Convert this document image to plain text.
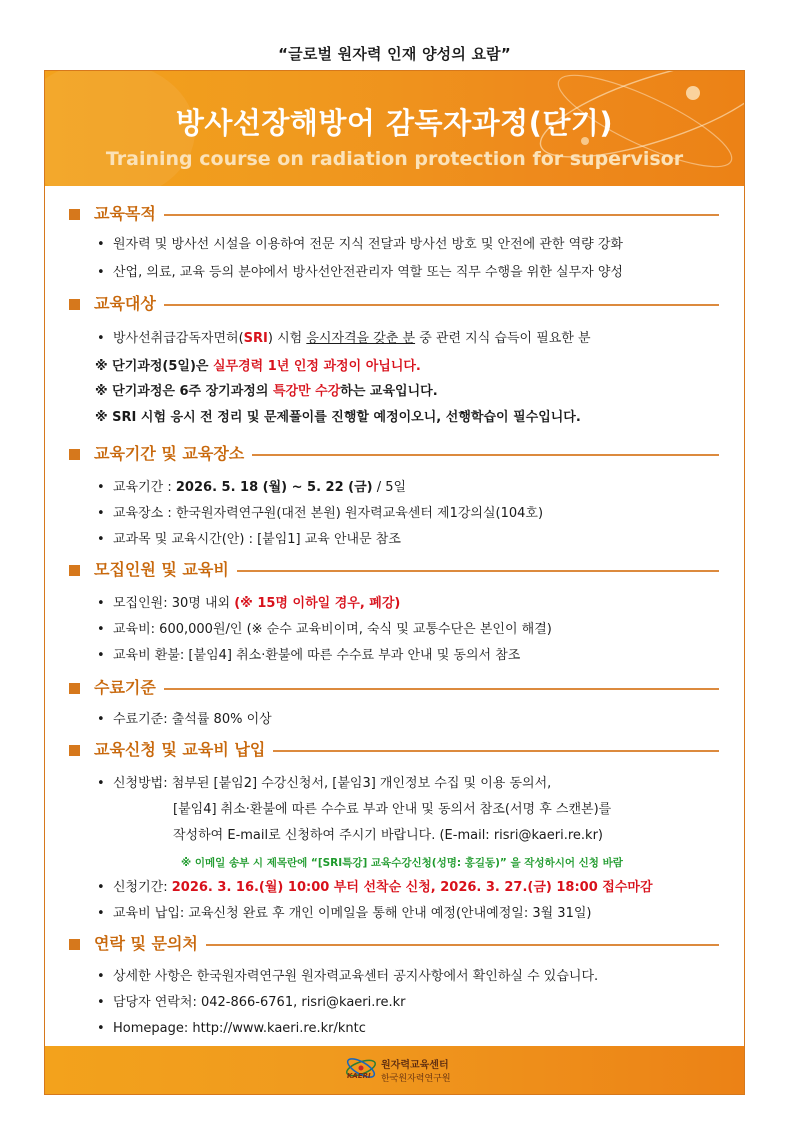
“글로벌 원자력 인재 양성의 요람”
방사선장해방어 감독자과정(단기)
Training course on radiation protection for supervisor
교육목적
• 원자력 및 방사선 시설을 이용하여 전문 지식 전달과 방사선 방호 및 안전에 관한 역량 강화
• 산업, 의료, 교육 등의 분야에서 방사선안전관리자 역할 또는 직무 수행을 위한 실무자 양성
교육대상
• 방사선취급감독자면허(SRI) 시험 응시자격을 갖춘 분 중 관련 지식 습득이 필요한 분
※ 단기과정(5일)은 실무경력 1년 인정 과정이 아닙니다.
※ 단기과정은 6주 장기과정의 특강만 수강하는 교육입니다.
※ SRI 시험 응시 전 정리 및 문제풀이를 진행할 예정이오니, 선행학습이 필수입니다.
교육기간 및 교육장소
• 교육기간 : 2026. 5. 18 (월) ~ 5. 22 (금) / 5일
• 교육장소 : 한국원자력연구원(대전 본원) 원자력교육센터 제1강의실(104호)
• 교과목 및 교육시간(안) : [붙임1] 교육 안내문 참조
모집인원 및 교육비
• 모집인원: 30명 내외 (※ 15명 이하일 경우, 폐강)
• 교육비: 600,000원/인 (※ 순수 교육비이며, 숙식 및 교통수단은 본인이 해결)
• 교육비 환불: [붙임4] 취소·환불에 따른 수수료 부과 안내 및 동의서 참조
수료기준
• 수료기준: 출석률 80% 이상
교육신청 및 교육비 납입
• 신청방법: 첨부된 [붙임2] 수강신청서, [붙임3] 개인정보 수집 및 이용 동의서,
[붙임4] 취소·환불에 따른 수수료 부과 안내 및 동의서 참조(서명 후 스캔본)를
작성하여 E-mail로 신청하여 주시기 바랍니다. (E-mail: risri@kaeri.re.kr)
※ 이메일 송부 시 제목란에 “[SRI특강] 교육수강신청(성명: 홍길동)” 을 작성하시어 신청 바람
• 신청기간: 2026. 3. 16.(월) 10:00 부터 선착순 신청, 2026. 3. 27.(금) 18:00 접수마감
• 교육비 납입: 교육신청 완료 후 개인 이메일을 통해 안내 예정(안내예정일: 3월 31일)
연락 및 문의처
• 상세한 사항은 한국원자력연구원 원자력교육센터 공지사항에서 확인하실 수 있습니다.
• 담당자 연락처: 042-866-6761, risri@kaeri.re.kr
• Homepage: http://www.kaeri.re.kr/kntc
KAERI
원자력교육센터
한국원자력연구원
